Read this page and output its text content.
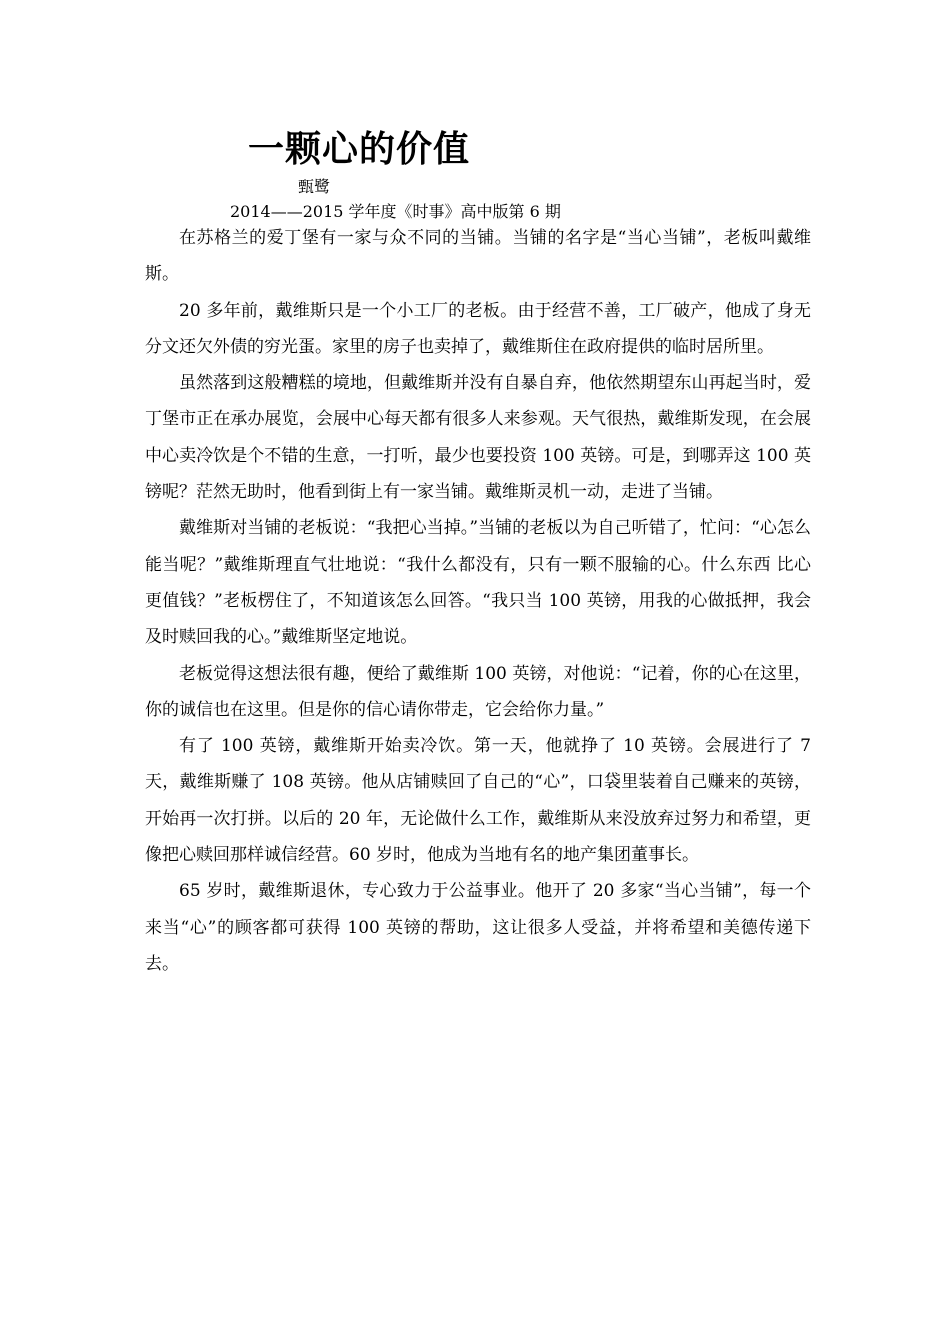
一颗心的价值
甄鹭
2014——2015 学年度《时事》高中版第 6 期

在苏格兰的爱丁堡有一家与众不同的当铺。当铺的名字是“当心当铺”，老板叫戴维斯。

20 多年前，戴维斯只是一个小工厂的老板。由于经营不善，工厂破产，他成了身无分文还欠外债的穷光蛋。家里的房子也卖掉了，戴维斯住在政府提供的临时居所里。

虽然落到这般糟糕的境地，但戴维斯并没有自暴自弃，他依然期望东山再起当时，爱丁堡市正在承办展览，会展中心每天都有很多人来参观。天气很热，戴维斯发现，在会展中心卖冷饮是个不错的生意，一打听，最少也要投资 100 英镑。可是，到哪弄这 100 英镑呢？茫然无助时，他看到街上有一家当铺。戴维斯灵机一动，走进了当铺。

戴维斯对当铺的老板说：“我把心当掉。”当铺的老板以为自己听错了，忙问：“心怎么能当呢？”戴维斯理直气壮地说：“我什么都没有，只有一颗不服输的心。什么东西 比心更值钱？”老板楞住了，不知道该怎么回答。“我只当 100 英镑，用我的心做抵押，我会及时赎回我的心。”戴维斯坚定地说。

老板觉得这想法很有趣，便给了戴维斯 100 英镑，对他说：“记着，你的心在这里，你的诚信也在这里。但是你的信心请你带走，它会给你力量。”

有了 100 英镑，戴维斯开始卖冷饮。第一天，他就挣了 10 英镑。会展进行了 7 天，戴维斯赚了 108 英镑。他从店铺赎回了自己的“心”，口袋里装着自己赚来的英镑，开始再一次打拼。以后的 20 年，无论做什么工作，戴维斯从来没放弃过努力和希望，更像把心赎回那样诚信经营。60 岁时，他成为当地有名的地产集团董事长。

65 岁时，戴维斯退休，专心致力于公益事业。他开了 20 多家“当心当铺”，每一个来当“心”的顾客都可获得 100 英镑的帮助，这让很多人受益，并将希望和美德传递下去。
